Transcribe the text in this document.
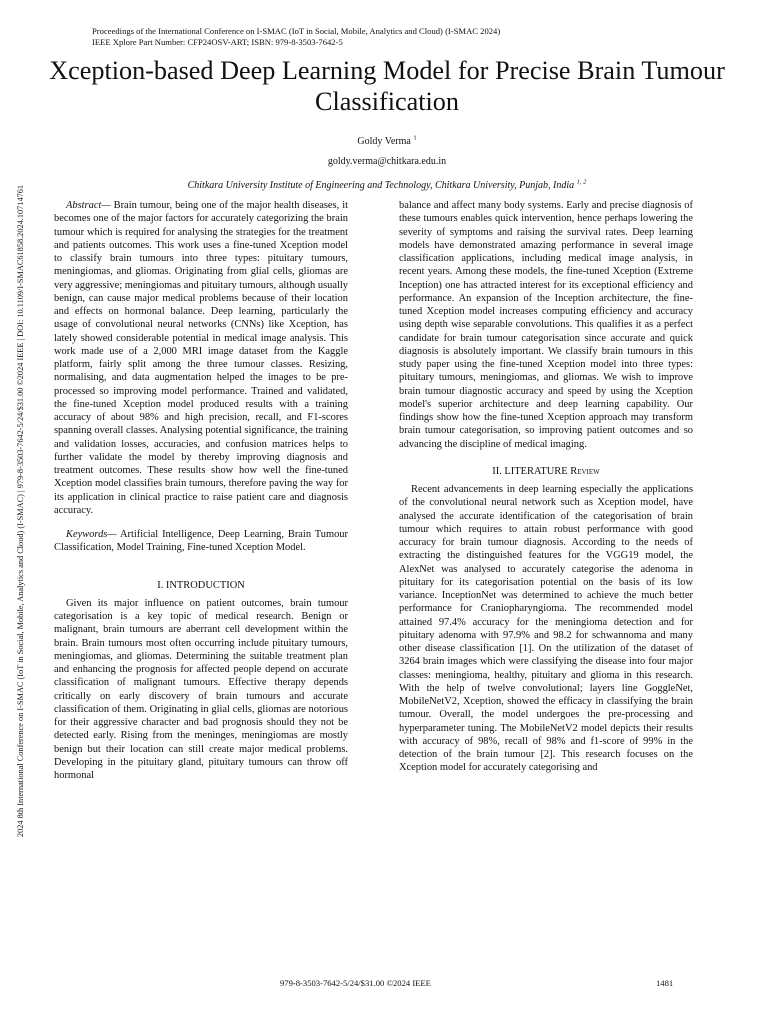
Proceedings of the International Conference on I-SMAC (IoT in Social, Mobile, Analytics and Cloud) (I-SMAC 2024)
IEEE Xplore Part Number: CFP24OSV-ART; ISBN: 979-8-3503-7642-5
Xception-based Deep Learning Model for Precise Brain Tumour Classification
Goldy Verma $^1$
goldy.verma@chitkara.edu.in
Chitkara University Institute of Engineering and Technology, Chitkara University, Punjab, India $^{1, 2}$
2024 8th International Conference on I-SMAC (IoT in Social, Mobile, Analytics and Cloud) (I-SMAC) | 979-8-3503-7642-5/24/$31.00 ©2024 IEEE | DOI: 10.1109/I-SMAC61858.2024.10714761	Abstract— Brain tumour, being one of the major health diseases, it becomes one of the major factors for accurately categorizing the brain tumour which is required for analysing the strategies for the treatment and patients outcomes. This work uses a fine-tuned Xception model to classify brain tumours into three types: pituitary tumours, meningiomas, and gliomas. Originating from glial cells, gliomas are very aggressive; meningiomas and pituitary tumours, although usually benign, can cause major medical problems because of their location and effects on hormonal balance. Deep learning, particularly the usage of convolutional neural networks (CNNs) like Xception, has lately showed considerable potential in medical image analysis. This work made use of a 2,000 MRI image dataset from the Kaggle platform, fairly split among the three tumour classes. Resizing, normalising, and data augmentation helped the images to be pre-processed so improving model performance. Trained and validated, the fine-tuned Xception model produced results with a training accuracy of about 98% and high precision, recall, and F1-scores spanning overall classes. Analysing potential significance, the training and validation losses, accuracies, and confusion matrices helps to further validate the model by thereby improving diagnosis and treatment outcomes. These results show how well the fine-tuned Xception model classifies brain tumours, therefore paving the way for its application in clinical practice to raise patient care and diagnosis accuracy.

Keywords— Artificial Intelligence, Deep Learning, Brain Tumour Classification, Model Training, Fine-tuned Xception Model.

I. INTRODUCTION

Given its major influence on patient outcomes, brain tumour categorisation is a key topic of medical research. Benign or malignant, brain tumours are aberrant cell development within the brain. Brain tumours most often occurring include pituitary tumours, meningiomas, and gliomas. Determining the suitable treatment plan and enhancing the prognosis for affected people depend on accurate classification of malignant tumours. Effective therapy depends critically on early discovery of brain tumours and accurate classification of them. Originating in glial cells, gliomas are notorious for their aggressive character and bad prognosis should they not be detected early. Rising from the meninges, meningiomas are mostly benign but their location can still create major medical problems. Developing in the pituitary gland, pituitary tumours can throw off hormonal

balance and affect many body systems. Early and precise diagnosis of these tumours enables quick intervention, hence perhaps lowering the severity of symptoms and raising the survival rates. Deep learning models have demonstrated amazing performance in several image classification applications, including medical image analysis, in recent years. Among these models, the fine-tuned Xception (Extreme Inception) one has attracted interest for its exceptional efficiency and performance. An expansion of the Inception architecture, the fine-tuned Xception model increases computing efficiency and accuracy using depth wise separable convolutions. This qualifies it as a perfect candidate for brain tumour categorisation since accurate and quick diagnosis is absolutely important. We classify brain tumours in this study paper using the fine-tuned Xception model into three types: pituitary tumours, meningiomas, and gliomas. We wish to improve brain tumour diagnostic accuracy and speed by using the Xception model's superior architecture and deep learning capability. Our findings show how the fine-tuned Xception approach may transform brain tumour categorisation, so improving patient outcomes and so advancing the discipline of medical imaging.

II. LITERATURE Review

Recent advancements in deep learning especially the applications of the convolutional neural network such as Xception model, have analysed the accurate identification of the categorisation of brain tumour which requires to attain robust performance with good accuracy for brain tumour diagnosis. According to the needs of extracting the distinguished features for the VGG19 model, the AlexNet was analysed to accurately categorise the adenoma in pituitary for its categorisation potential on the basis of its low variance. InceptionNet was determined to achieve the much better performance for Craniopharyngioma. The recommended model attained 97.4% accuracy for the meningioma detection and for pituitary adenoma with 97.9% and 98.2 for schwannoma and many other disease classification [1]. On the utilization of the dataset of 3264 brain images which were classifying the disease into four major classes: meningioma, healthy, pituitary and glioma in this research. With the help of twelve convolutional; layers line GoggleNet, MobileNetV2, Xception, showed the efficacy in classifying the brain tumour. Overall, the model undergoes the pre-processing and hyperparameter tuning. The MobileNetV2 model depicts their results with accuracy of 98%, recall of 98% and f1-score of 99% in the detection of the brain tumour [2]. This research focuses on the Xception model for accurately categorising and

979-8-3503-7642-5/24/$31.00 ©2024 IEEE	1481
